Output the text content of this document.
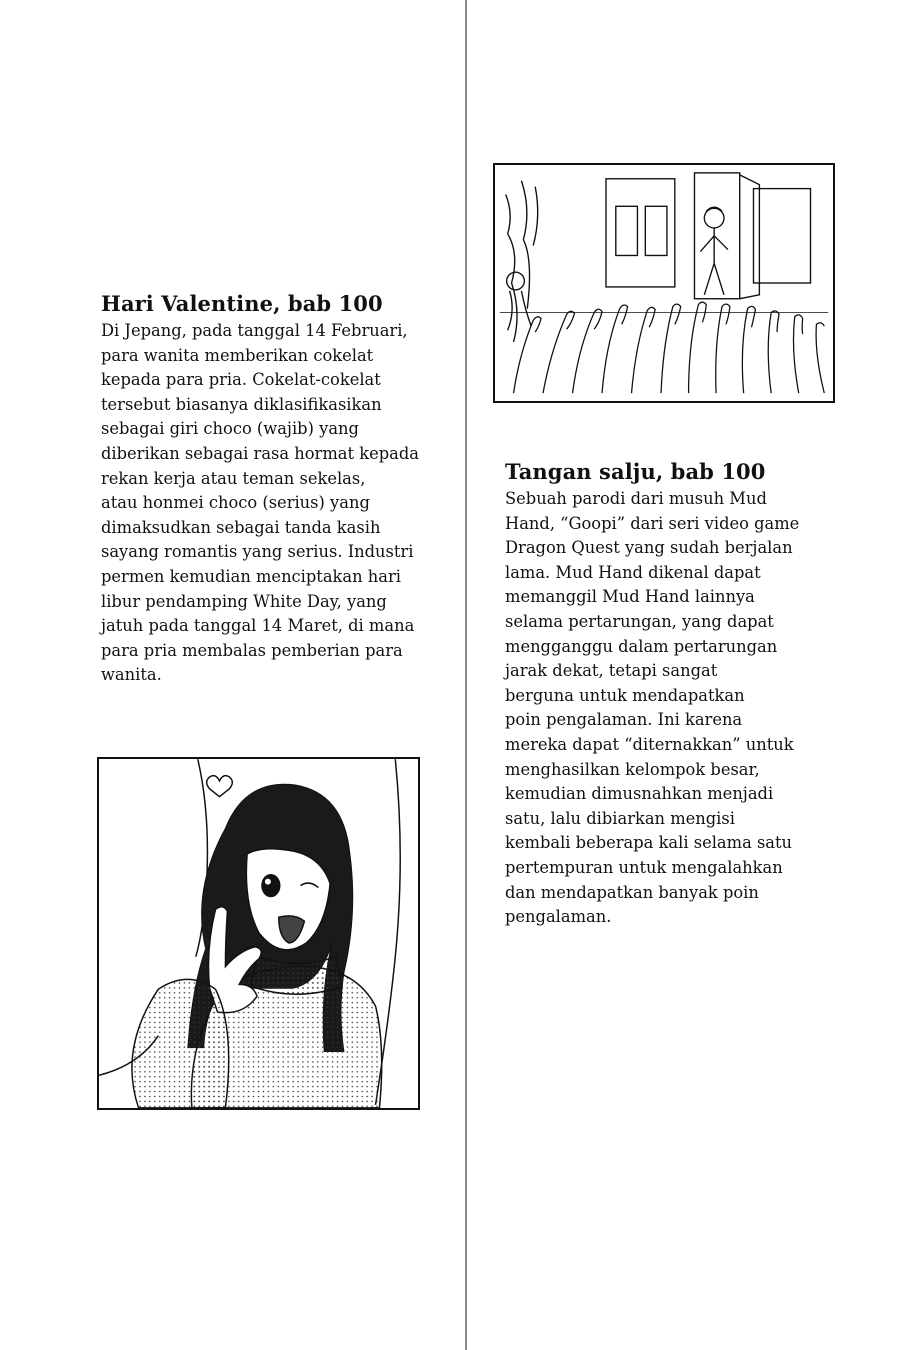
Hari Valentine, bab 100

Di Jepang, pada tanggal 14 Februari,
para wanita memberikan cokelat
kepada para pria. Cokelat-cokelat
tersebut biasanya diklasifikasikan
sebagai giri choco (wajib) yang
diberikan sebagai rasa hormat kepada
rekan kerja atau teman sekelas,
atau honmei choco (serius) yang
dimaksudkan sebagai tanda kasih
sayang romantis yang serius. Industri
permen kemudian menciptakan hari
libur pendamping White Day, yang
jatuh pada tanggal 14 Maret, di mana
para pria membalas pemberian para
wanita.

Tangan salju, bab 100

Sebuah parodi dari musuh Mud
Hand, “Goopi” dari seri video game
Dragon Quest yang sudah berjalan
lama. Mud Hand dikenal dapat
memanggil Mud Hand lainnya
selama pertarungan, yang dapat
mengganggu dalam pertarungan
jarak dekat, tetapi sangat
berguna untuk mendapatkan
poin pengalaman. Ini karena
mereka dapat “diternakkan” untuk
menghasilkan kelompok besar,
kemudian dimusnahkan menjadi
satu, lalu dibiarkan mengisi
kembali beberapa kali selama satu
pertempuran untuk mengalahkan
dan mendapatkan banyak poin
pengalaman.
